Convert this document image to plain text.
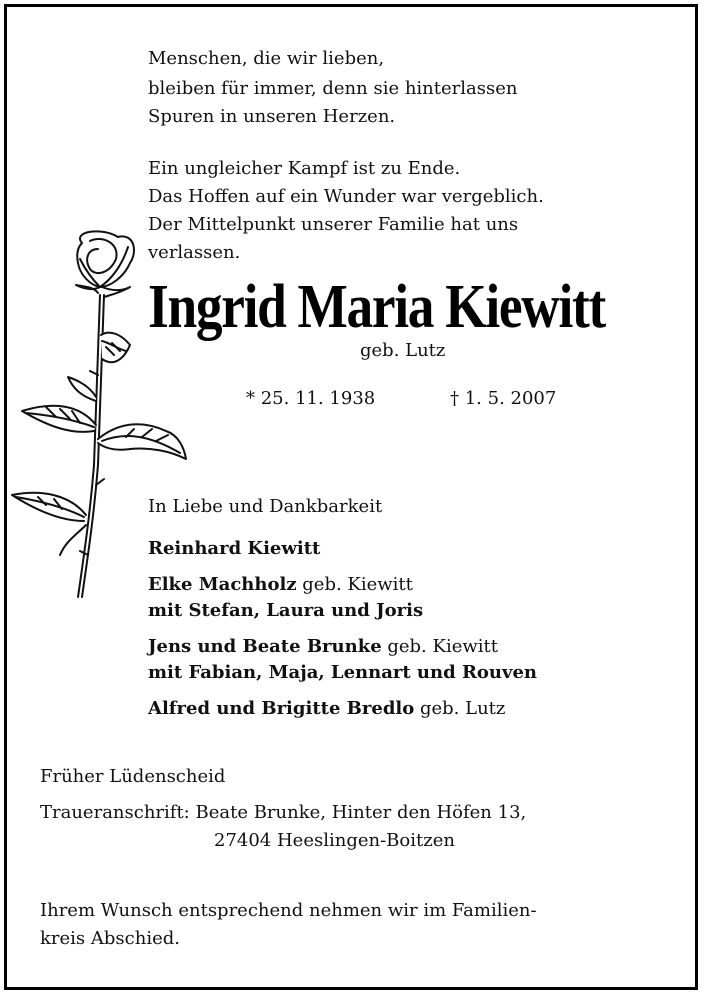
Menschen, die wir lieben,
bleiben für immer, denn sie hinterlassen
Spuren in unseren Herzen.
Ein ungleicher Kampf ist zu Ende.
Das Hoffen auf ein Wunder war vergeblich.
Der Mittelpunkt unserer Familie hat uns
verlassen.
Ingrid Maria Kiewitt
geb. Lutz
* 25. 11. 1938	† 1. 5. 2007
In Liebe und Dankbarkeit
Reinhard Kiewitt
Elke Machholz geb. Kiewitt
mit Stefan, Laura und Joris
Jens und Beate Brunke geb. Kiewitt
mit Fabian, Maja, Lennart und Rouven
Alfred und Brigitte Bredlo geb. Lutz
Früher Lüdenscheid
Traueranschrift: Beate Brunke, Hinter den Höfen 13,
27404 Heeslingen-Boitzen
Ihrem Wunsch entsprechend nehmen wir im Familien-
kreis Abschied.
